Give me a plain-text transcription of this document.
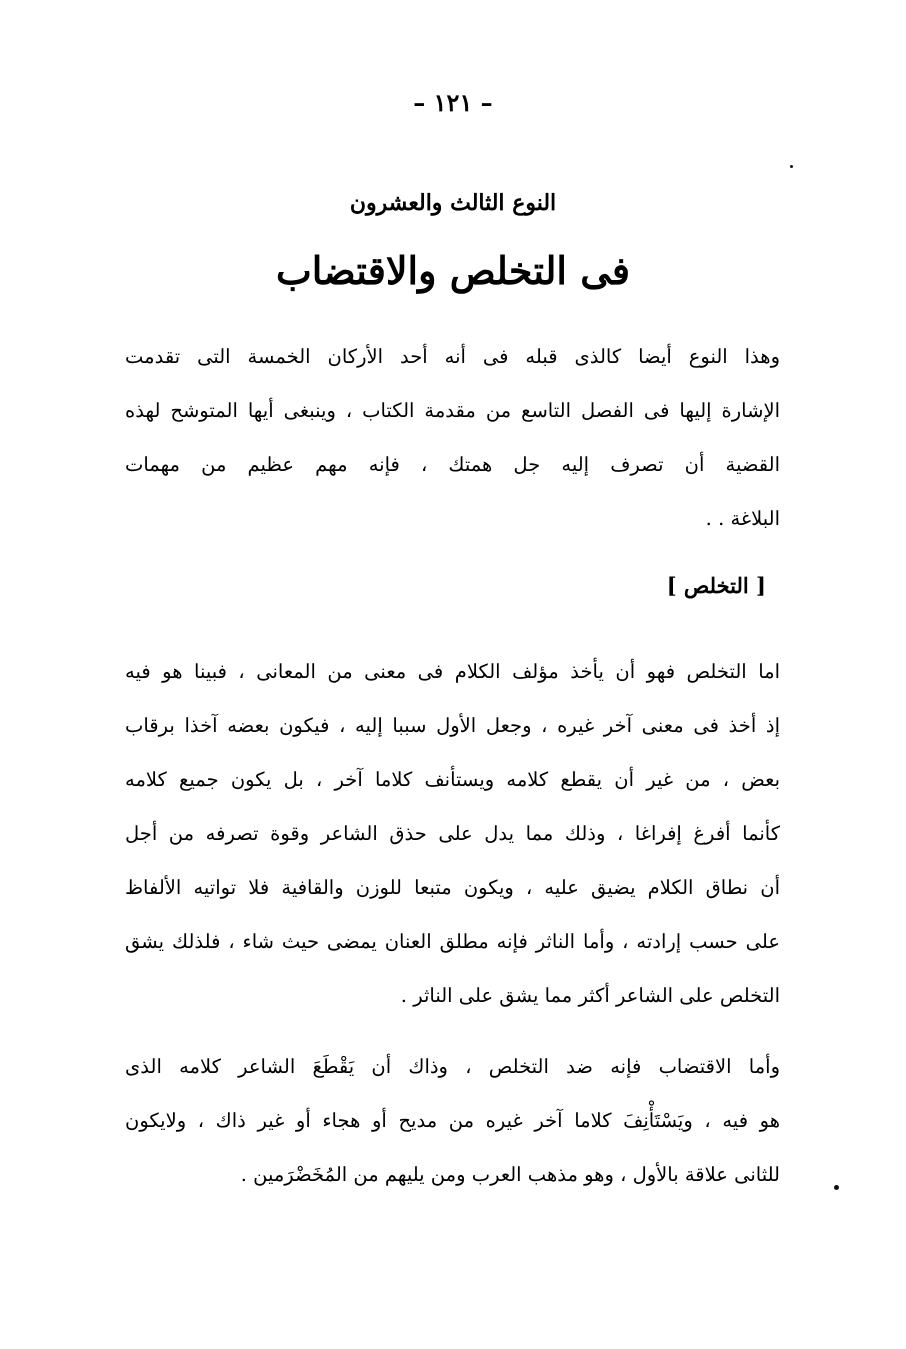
– ١٢١ –
النوع الثالث والعشرون
فى التخلص والاقتضاب
وهذا النوع أيضا كالذى قبله فى أنه أحد الأركان الخمسة التى تقدمت
الإشارة إليها فى الفصل التاسع من مقدمة الكتاب ، وينبغى أيها المتوشح لهذه
القضية أن تصرف إليه جل همتك ، فإنه مهم عظيم من مهمات
البلاغة . .
[ التخلص ]
اما التخلص فهو أن يأخذ مؤلف الكلام فى معنى من المعانى ، فبينا هو فيه
إذ أخذ فى معنى آخر غيره ، وجعل الأول سببا إليه ، فيكون بعضه آخذا برقاب
بعض ، من غير أن يقطع كلامه ويستأنف كلاما آخر ، بل يكون جميع كلامه
كأنما أفرغ إفراغا ، وذلك مما يدل على حذق الشاعر وقوة تصرفه من أجل
أن نطاق الكلام يضيق عليه ، ويكون متبعا للوزن والقافية فلا تواتيه الألفاظ
على حسب إرادته ، وأما الناثر فإنه مطلق العنان يمضى حيث شاء ، فلذلك يشق
التخلص على الشاعر أكثر مما يشق على الناثر .
وأما الاقتضاب فإنه ضد التخلص ، وذاك أن يَقْطَعَ الشاعر كلامه الذى
هو فيه ، ويَسْتَأْنِفَ كلاما آخر غيره من مديح أو هجاء أو غير ذاك ، ولايكون
للثانى علاقة بالأول ، وهو مذهب العرب ومن يليهم من المُخَضْرَمين .
